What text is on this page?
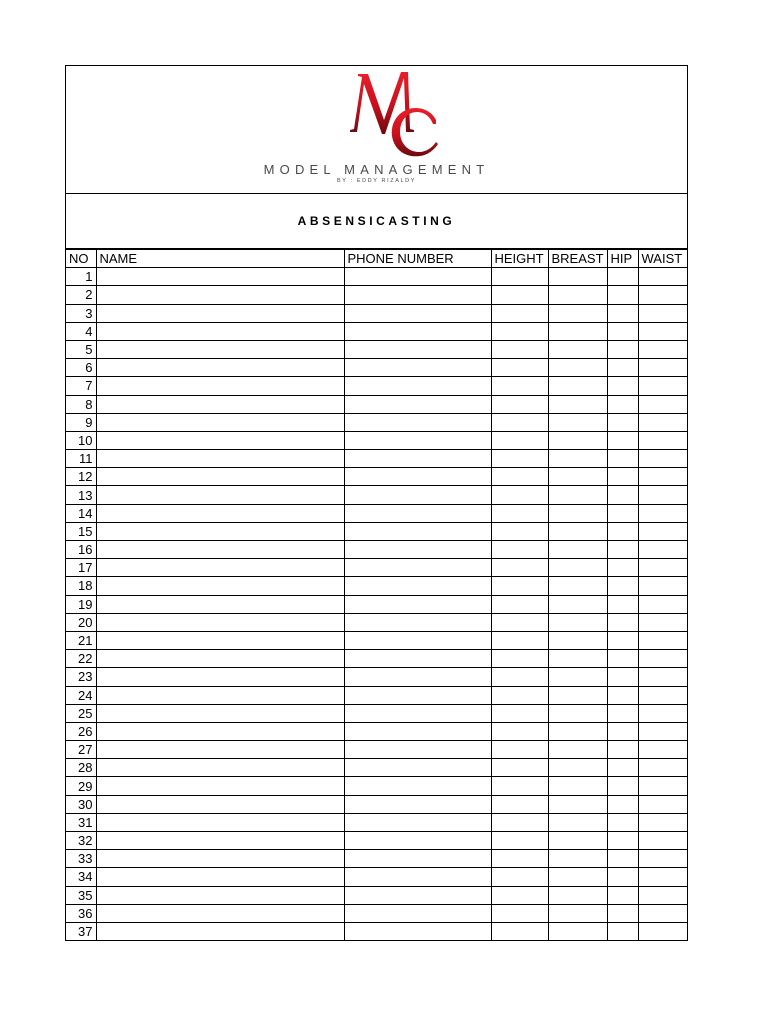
MODEL MANAGEMENT
BY : EDDY RIZALDY
ABSENSICASTING
NO	NAME	PHONE NUMBER	HEIGHT	BREAST	HIP	WAIST
1						
2						
3						
4						
5						
6						
7						
8						
9						
10						
11						
12						
13						
14						
15						
16						
17						
18						
19						
20						
21						
22						
23						
24						
25						
26						
27						
28						
29						
30						
31						
32						
33						
34						
35						
36						
37						
